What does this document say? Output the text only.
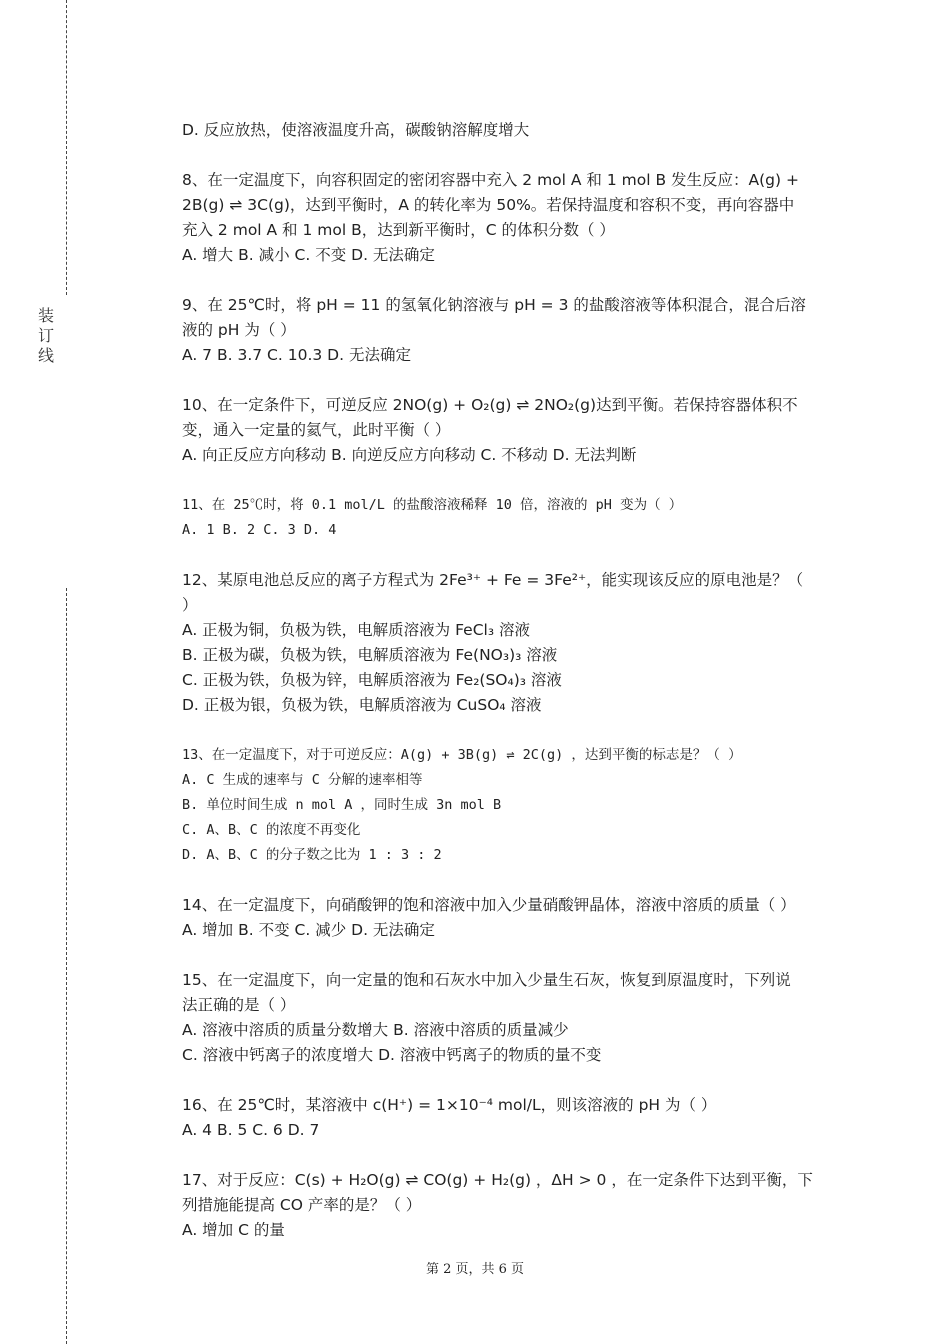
装
订
线
D. 反应放热，使溶液温度升高，碳酸钠溶解度增大
8、在一定温度下，向容积固定的密闭容器中充入 2 mol A 和 1 mol B 发生反应：A(g) +
2B(g) ⇌ 3C(g)，达到平衡时，A 的转化率为 50%。若保持温度和容积不变，再向容器中
充入 2 mol A 和 1 mol B，达到新平衡时，C 的体积分数（ ）
A. 增大 B. 减小 C. 不变 D. 无法确定
9、在 25℃时，将 pH = 11 的氢氧化钠溶液与 pH = 3 的盐酸溶液等体积混合，混合后溶
液的 pH 为（ ）
A. 7 B. 3.7 C. 10.3 D. 无法确定
10、在一定条件下，可逆反应 2NO(g) + O₂(g) ⇌ 2NO₂(g)达到平衡。若保持容器体积不
变，通入一定量的氦气，此时平衡（ ）
A. 向正反应方向移动 B. 向逆反应方向移动 C. 不移动 D. 无法判断
11、在 25℃时，将 0.1 mol/L 的盐酸溶液稀释 10 倍，溶液的 pH 变为（ ）
A. 1 B. 2 C. 3 D. 4
12、某原电池总反应的离子方程式为 2Fe³⁺ + Fe = 3Fe²⁺，能实现该反应的原电池是？（
）
A. 正极为铜，负极为铁，电解质溶液为 FeCl₃ 溶液
B. 正极为碳，负极为铁，电解质溶液为 Fe(NO₃)₃ 溶液
C. 正极为铁，负极为锌，电解质溶液为 Fe₂(SO₄)₃ 溶液
D. 正极为银，负极为铁，电解质溶液为 CuSO₄ 溶液
13、在一定温度下，对于可逆反应：A(g) + 3B(g) ⇌ 2C(g) ，达到平衡的标志是？（ ）
A. C 生成的速率与 C 分解的速率相等
B. 单位时间生成 n mol A ，同时生成 3n mol B
C. A、B、C 的浓度不再变化
D. A、B、C 的分子数之比为 1 : 3 : 2
14、在一定温度下，向硝酸钾的饱和溶液中加入少量硝酸钾晶体，溶液中溶质的质量（ ）
A. 增加 B. 不变 C. 减少 D. 无法确定
15、在一定温度下，向一定量的饱和石灰水中加入少量生石灰，恢复到原温度时，下列说
法正确的是（ ）
A. 溶液中溶质的质量分数增大 B. 溶液中溶质的质量减少
C. 溶液中钙离子的浓度增大 D. 溶液中钙离子的物质的量不变
16、在 25℃时，某溶液中 c(H⁺) = 1×10⁻⁴ mol/L，则该溶液的 pH 为（ ）
A. 4 B. 5 C. 6 D. 7
17、对于反应：C(s) + H₂O(g) ⇌ CO(g) + H₂(g) ，ΔH > 0 ，在一定条件下达到平衡，下
列措施能提高 CO 产率的是？（ ）
A. 增加 C 的量
第 2 页，共 6 页
